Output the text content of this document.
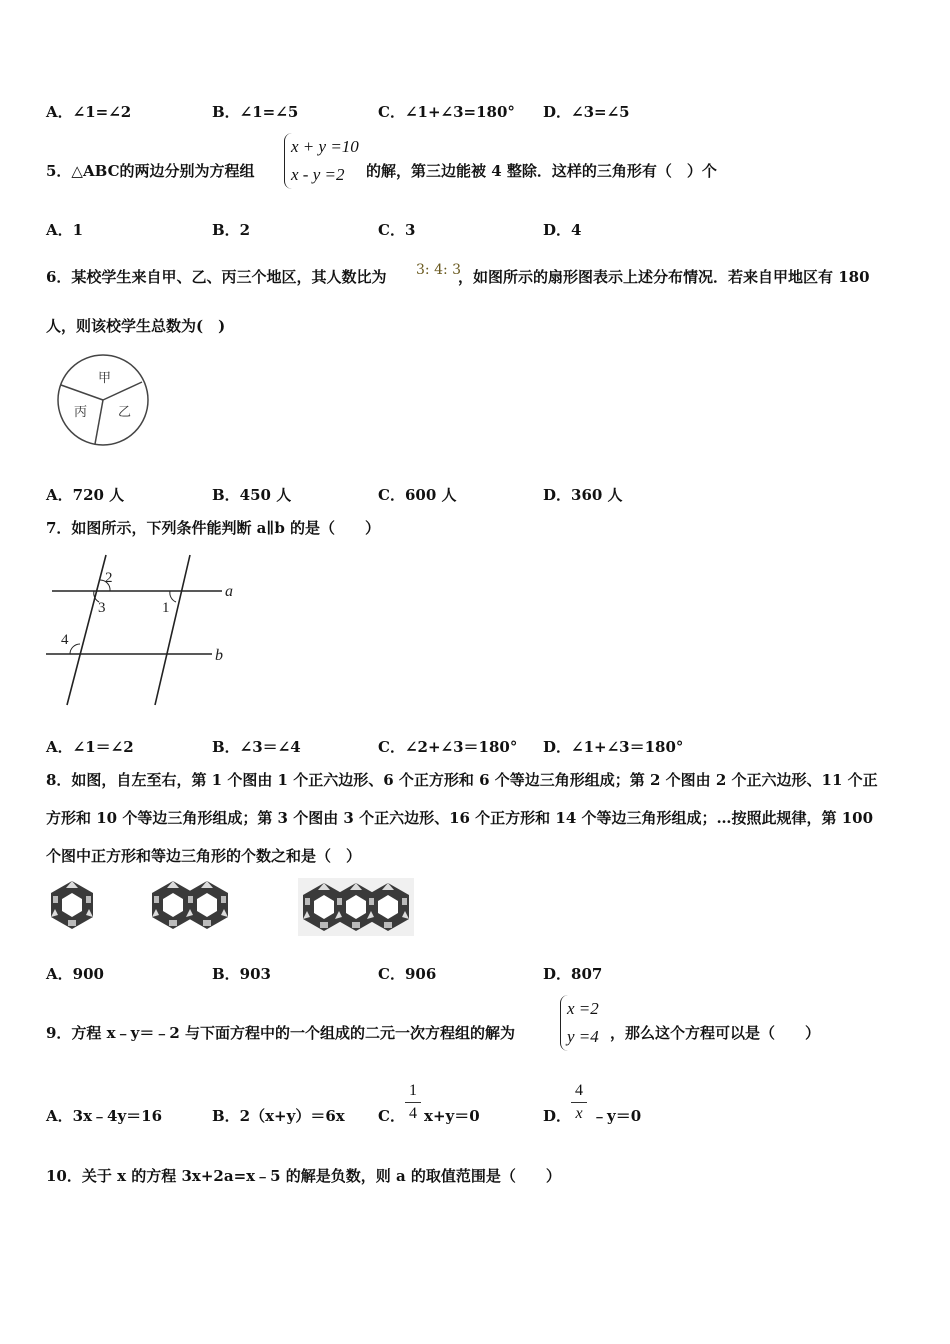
A．∠1=∠2	B．∠1=∠5	C．∠1+∠3=180° D．∠3=∠5
5．△ABC的两边分别为方程组
x + y =10
x - y =2	的解，第三边能被 4 整除．这样的三角形有（　）个
A．1	B．2	C．3	D．4
6．某校学生来自甲、乙、丙三个地区，其人数比为 3: 4: 3
，如图所示的扇形图表示上述分布情况．若来自甲地区有 180
人，则该校学生总数为(　)
甲
乙
丙
A．720 人	B．450 人	C．600 人	D．360 人
7．如图所示，下列条件能判断 a∥b 的是（　　）
2
3	1
4
a
b
A．∠1＝∠2	B．∠3＝∠4	C．∠2+∠3＝180° D．∠1+∠3＝180°
8．如图，自左至右，第 1 个图由 1 个正六边形、6 个正方形和 6 个等边三角形组成；第 2 个图由 2 个正六边形、11 个正
方形和 10 个等边三角形组成；第 3 个图由 3 个正六边形、16 个正方形和 14 个等边三角形组成；…按照此规律，第 100
个图中正方形和等边三角形的个数之和是（　）
A．900	B．903	C．906	D．807
9．方程 x﹣y＝﹣2 与下面方程中的一个组成的二元一次方程组的解为
x =2
y =4 ，那么这个方程可以是（　　）
A．3x﹣4y＝16	B．2（x+y）＝6x C．
1
4 x+y＝0	D．
4
x ﹣y＝0
10．关于 x 的方程 3x+2a=x﹣5 的解是负数，则 a 的取值范围是（　　）
